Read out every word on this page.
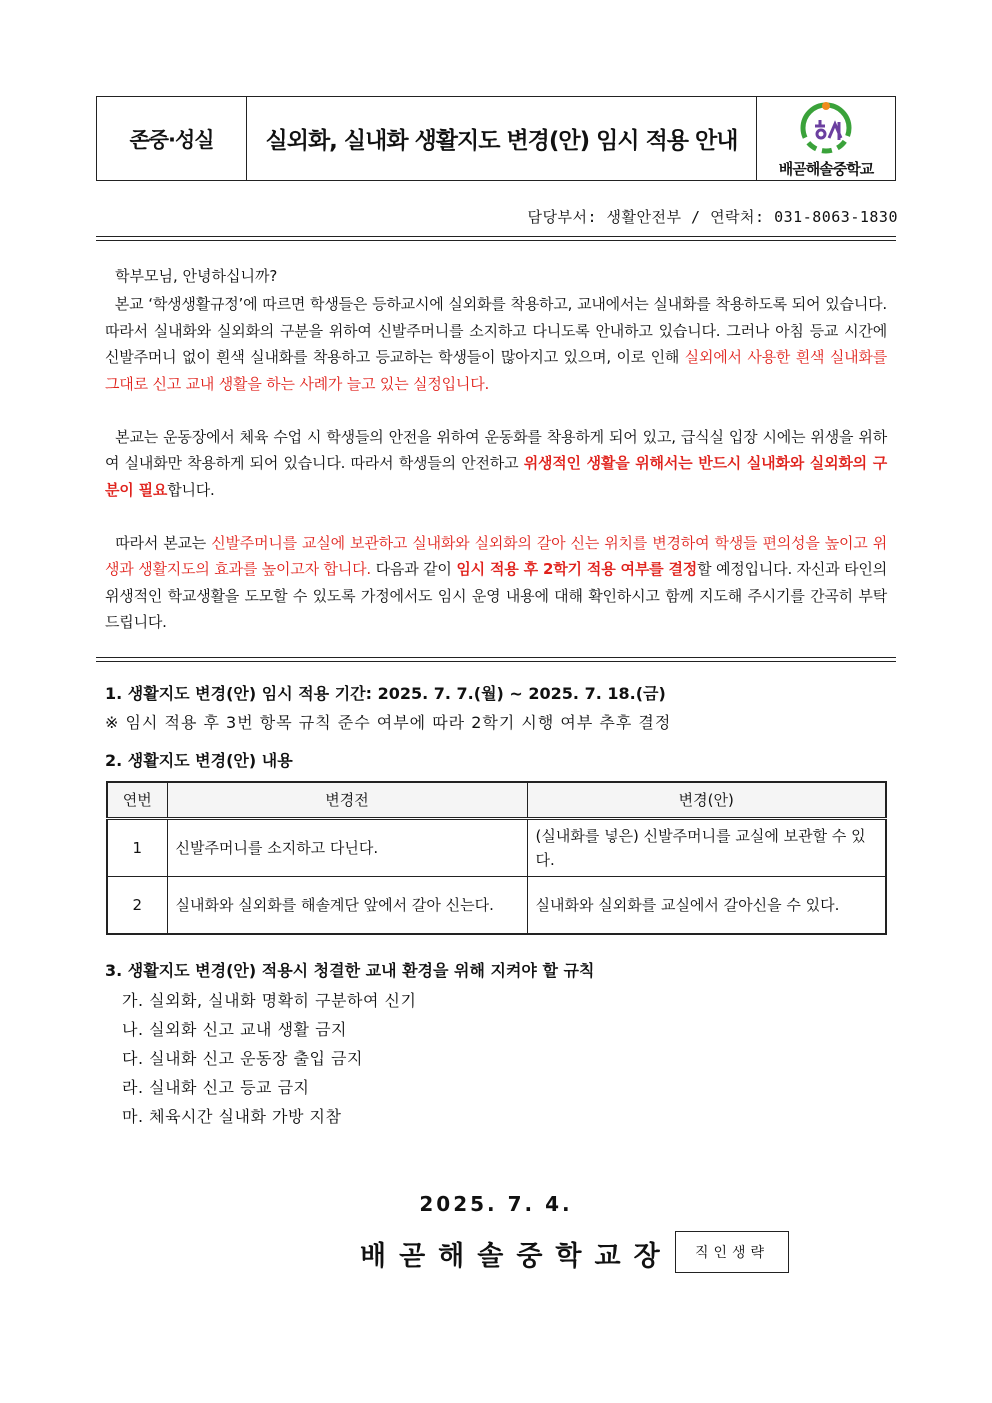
존중·성실	실외화, 실내화 생활지도 변경(안) 임시 적용 안내
배곧해솔중학교
담당부서: 생활안전부 / 연락처: 031-8063-1830
학부모님, 안녕하십니까?

본교 ‘학생생활규정’에 따르면 학생들은 등하교시에 실외화를 착용하고, 교내에서는 실내화를 착용하도록 되어 있습니다. 따라서 실내화와 실외화의 구분을 위하여 신발주머니를 소지하고 다니도록 안내하고 있습니다. 그러나 아침 등교 시간에 신발주머니 없이 흰색 실내화를 착용하고 등교하는 학생들이 많아지고 있으며, 이로 인해 실외에서 사용한 흰색 실내화를 그대로 신고 교내 생활을 하는 사례가 늘고 있는 실정입니다.

본교는 운동장에서 체육 수업 시 학생들의 안전을 위하여 운동화를 착용하게 되어 있고, 급식실 입장 시에는 위생을 위하여 실내화만 착용하게 되어 있습니다. 따라서 학생들의 안전하고 위생적인 생활을 위해서는 반드시 실내화와 실외화의 구분이 필요합니다.

따라서 본교는 신발주머니를 교실에 보관하고 실내화와 실외화의 갈아 신는 위치를 변경하여 학생들 편의성을 높이고 위생과 생활지도의 효과를 높이고자 합니다. 다음과 같이 임시 적용 후 2학기 적용 여부를 결정할 예정입니다. 자신과 타인의 위생적인 학교생활을 도모할 수 있도록 가정에서도 임시 운영 내용에 대해 확인하시고 함께 지도해 주시기를 간곡히 부탁드립니다.

1. 생활지도 변경(안) 임시 적용 기간: 2025. 7. 7.(월) ~ 2025. 7. 18.(금)
※ 임시 적용 후 3번 항목 규칙 준수 여부에 따라 2학기 시행 여부 추후 결정
2. 생활지도 변경(안) 내용
연번	변경전	변경(안)
1	신발주머니를 소지하고 다닌다.	(실내화를 넣은) 신발주머니를 교실에 보관할 수 있다.
2	실내화와 실외화를 해솔계단 앞에서 갈아 신는다.	실내화와 실외화를 교실에서 갈아신을 수 있다.
3. 생활지도 변경(안) 적용시 청결한 교내 환경을 위해 지켜야 할 규칙
가. 실외화, 실내화 명확히 구분하여 신기
나. 실외화 신고 교내 생활 금지
다. 실내화 신고 운동장 출입 금지
라. 실내화 신고 등교 금지
마. 체육시간 실내화 가방 지참
2025. 7. 4.
배곧해솔중학교장	직인생략
